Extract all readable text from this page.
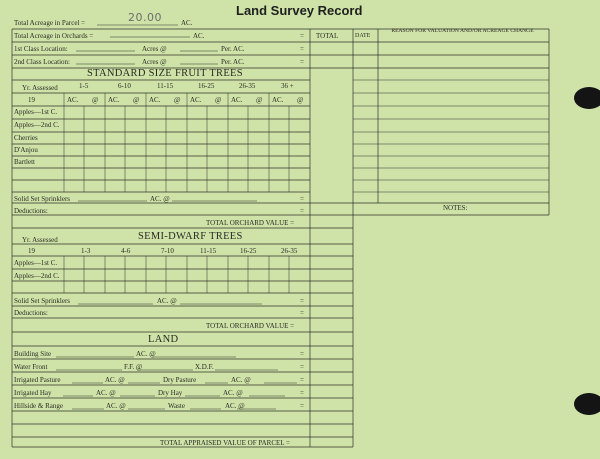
Land Survey Record
20.00
Total Acreage in Parcel =	AC.
Total Acreage in Orchards =	AC.	= TOTAL	DATE
REASON FOR VALUATION AND/OR ACREAGE CHANGE
1st Class Location:	Acres @	Per. AC.	=
2nd Class Location:	Acres @	Per. AC.	=
STANDARD SIZE FRUIT TREES
Yr. Assessed	1-5	6-10	11-15	16-25	26-35	36 +
19	AC. @ AC. @ AC. @ AC. @ AC. @ AC. @
Apples—1st C.
Apples—2nd C.
Cherries
D'Anjou
Bartlett
Solid Set Sprinklers	AC. @	=
Deductions:	=	NOTES:
TOTAL ORCHARD VALUE =
Yr. Assessed	SEMI-DWARF TREES
19	1-3	4-6	7-10	11-15	16-25	26-35
Apples—1st C.
Apples—2nd C.
Solid Set Sprinklers	AC. @	=
Deductions:	=
TOTAL ORCHARD VALUE =
LAND
Building Site	AC. @	=
Water Front	F.F. @	X.D.F.	=
Irrigated Pasture	AC. @	Dry Pasture	AC. @	=
Irrigated Hay	AC. @	Dry Hay	AC. @	=
Hillside & Range	AC. @	Waste	AC. @	=
TOTAL APPRAISED VALUE OF PARCEL =
